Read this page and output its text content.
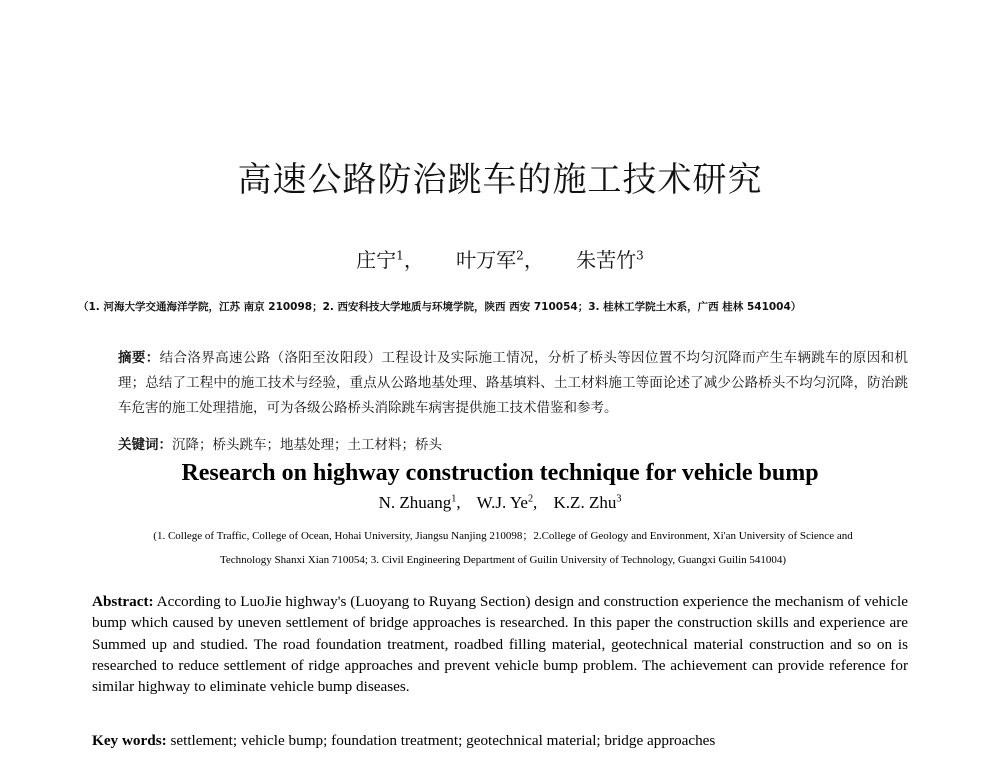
高速公路防治跳车的施工技术研究
庄宁$^1$， 叶万军$^2$， 朱苦竹$^3$
（1. 河海大学交通海洋学院，江苏 南京 210098；2. 西安科技大学地质与环境学院，陕西 西安 710054；3. 桂林工学院土木系，广西 桂林 541004）
摘要：结合洛界高速公路（洛阳至汝阳段）工程设计及实际施工情况，分析了桥头等因位置不均匀沉降而产生车辆跳车的原因和机理；总结了工程中的施工技术与经验，重点从公路地基处理、路基填料、土工材料施工等面论述了减少公路桥头不均匀沉降，防治跳车危害的施工处理措施，可为各级公路桥头消除跳车病害提供施工技术借鉴和参考。
关键词：沉降；桥头跳车；地基处理；土工材料；桥头
Research on highway construction technique for vehicle bump
N. Zhuang$^1$, W.J. Ye$^2$, K.Z. Zhu$^3$
(1. College of Traffic, College of Ocean, Hohai University, Jiangsu Nanjing 210098；2.College of Geology and Environment, Xi'an University of Science and
Technology Shanxi Xian 710054; 3. Civil Engineering Department of Guilin University of Technology, Guangxi Guilin 541004)
Abstract: According to LuoJie highway's (Luoyang to Ruyang Section) design and construction experience the mechanism of vehicle bump which caused by uneven settlement of bridge approaches is researched. In this paper the construction skills and experience are Summed up and studied. The road foundation treatment, roadbed filling material, geotechnical material construction and so on is researched to reduce settlement of ridge approaches and prevent vehicle bump problem. The achievement can provide reference for similar highway to eliminate vehicle bump diseases.
Key words: settlement; vehicle bump; foundation treatment; geotechnical material; bridge approaches
